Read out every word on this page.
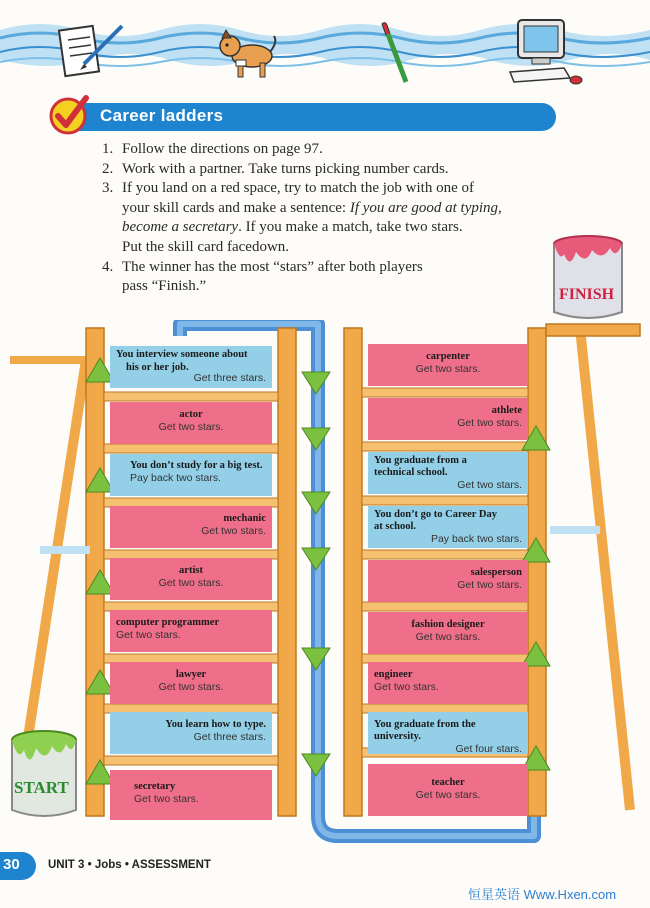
Career ladders
1. Follow the directions on page 97.
2. Work with a partner. Take turns picking number cards.
3. If you land on a red space, try to match the job with one of
your skill cards and make a sentence: If you are good at typing,
become a secretary. If you make a match, take two stars.
Put the skill card facedown.
4. The winner has the most “stars” after both players
pass “Finish.”	FINISH
START
You interview someone about
his or her job.
Get three stars.
actor
Get two stars.
You don’t study for a big test.
Pay back two stars.
mechanic
Get two stars.
artist
Get two stars.
computer programmer
Get two stars.
lawyer
Get two stars.
You learn how to type.
Get three stars.
secretary
Get two stars.
carpenter
Get two stars.
athlete
Get two stars.
You graduate from a
technical school.
Get two stars.
You don’t go to Career Day
at school.
Pay back two stars.
salesperson
Get two stars.
fashion designer
Get two stars.
engineer
Get two stars.
You graduate from the university.
Get four stars.
teacher
Get two stars.
30 UNIT 3 • Jobs • ASSESSMENT
恒星英语 Www.Hxen.com
